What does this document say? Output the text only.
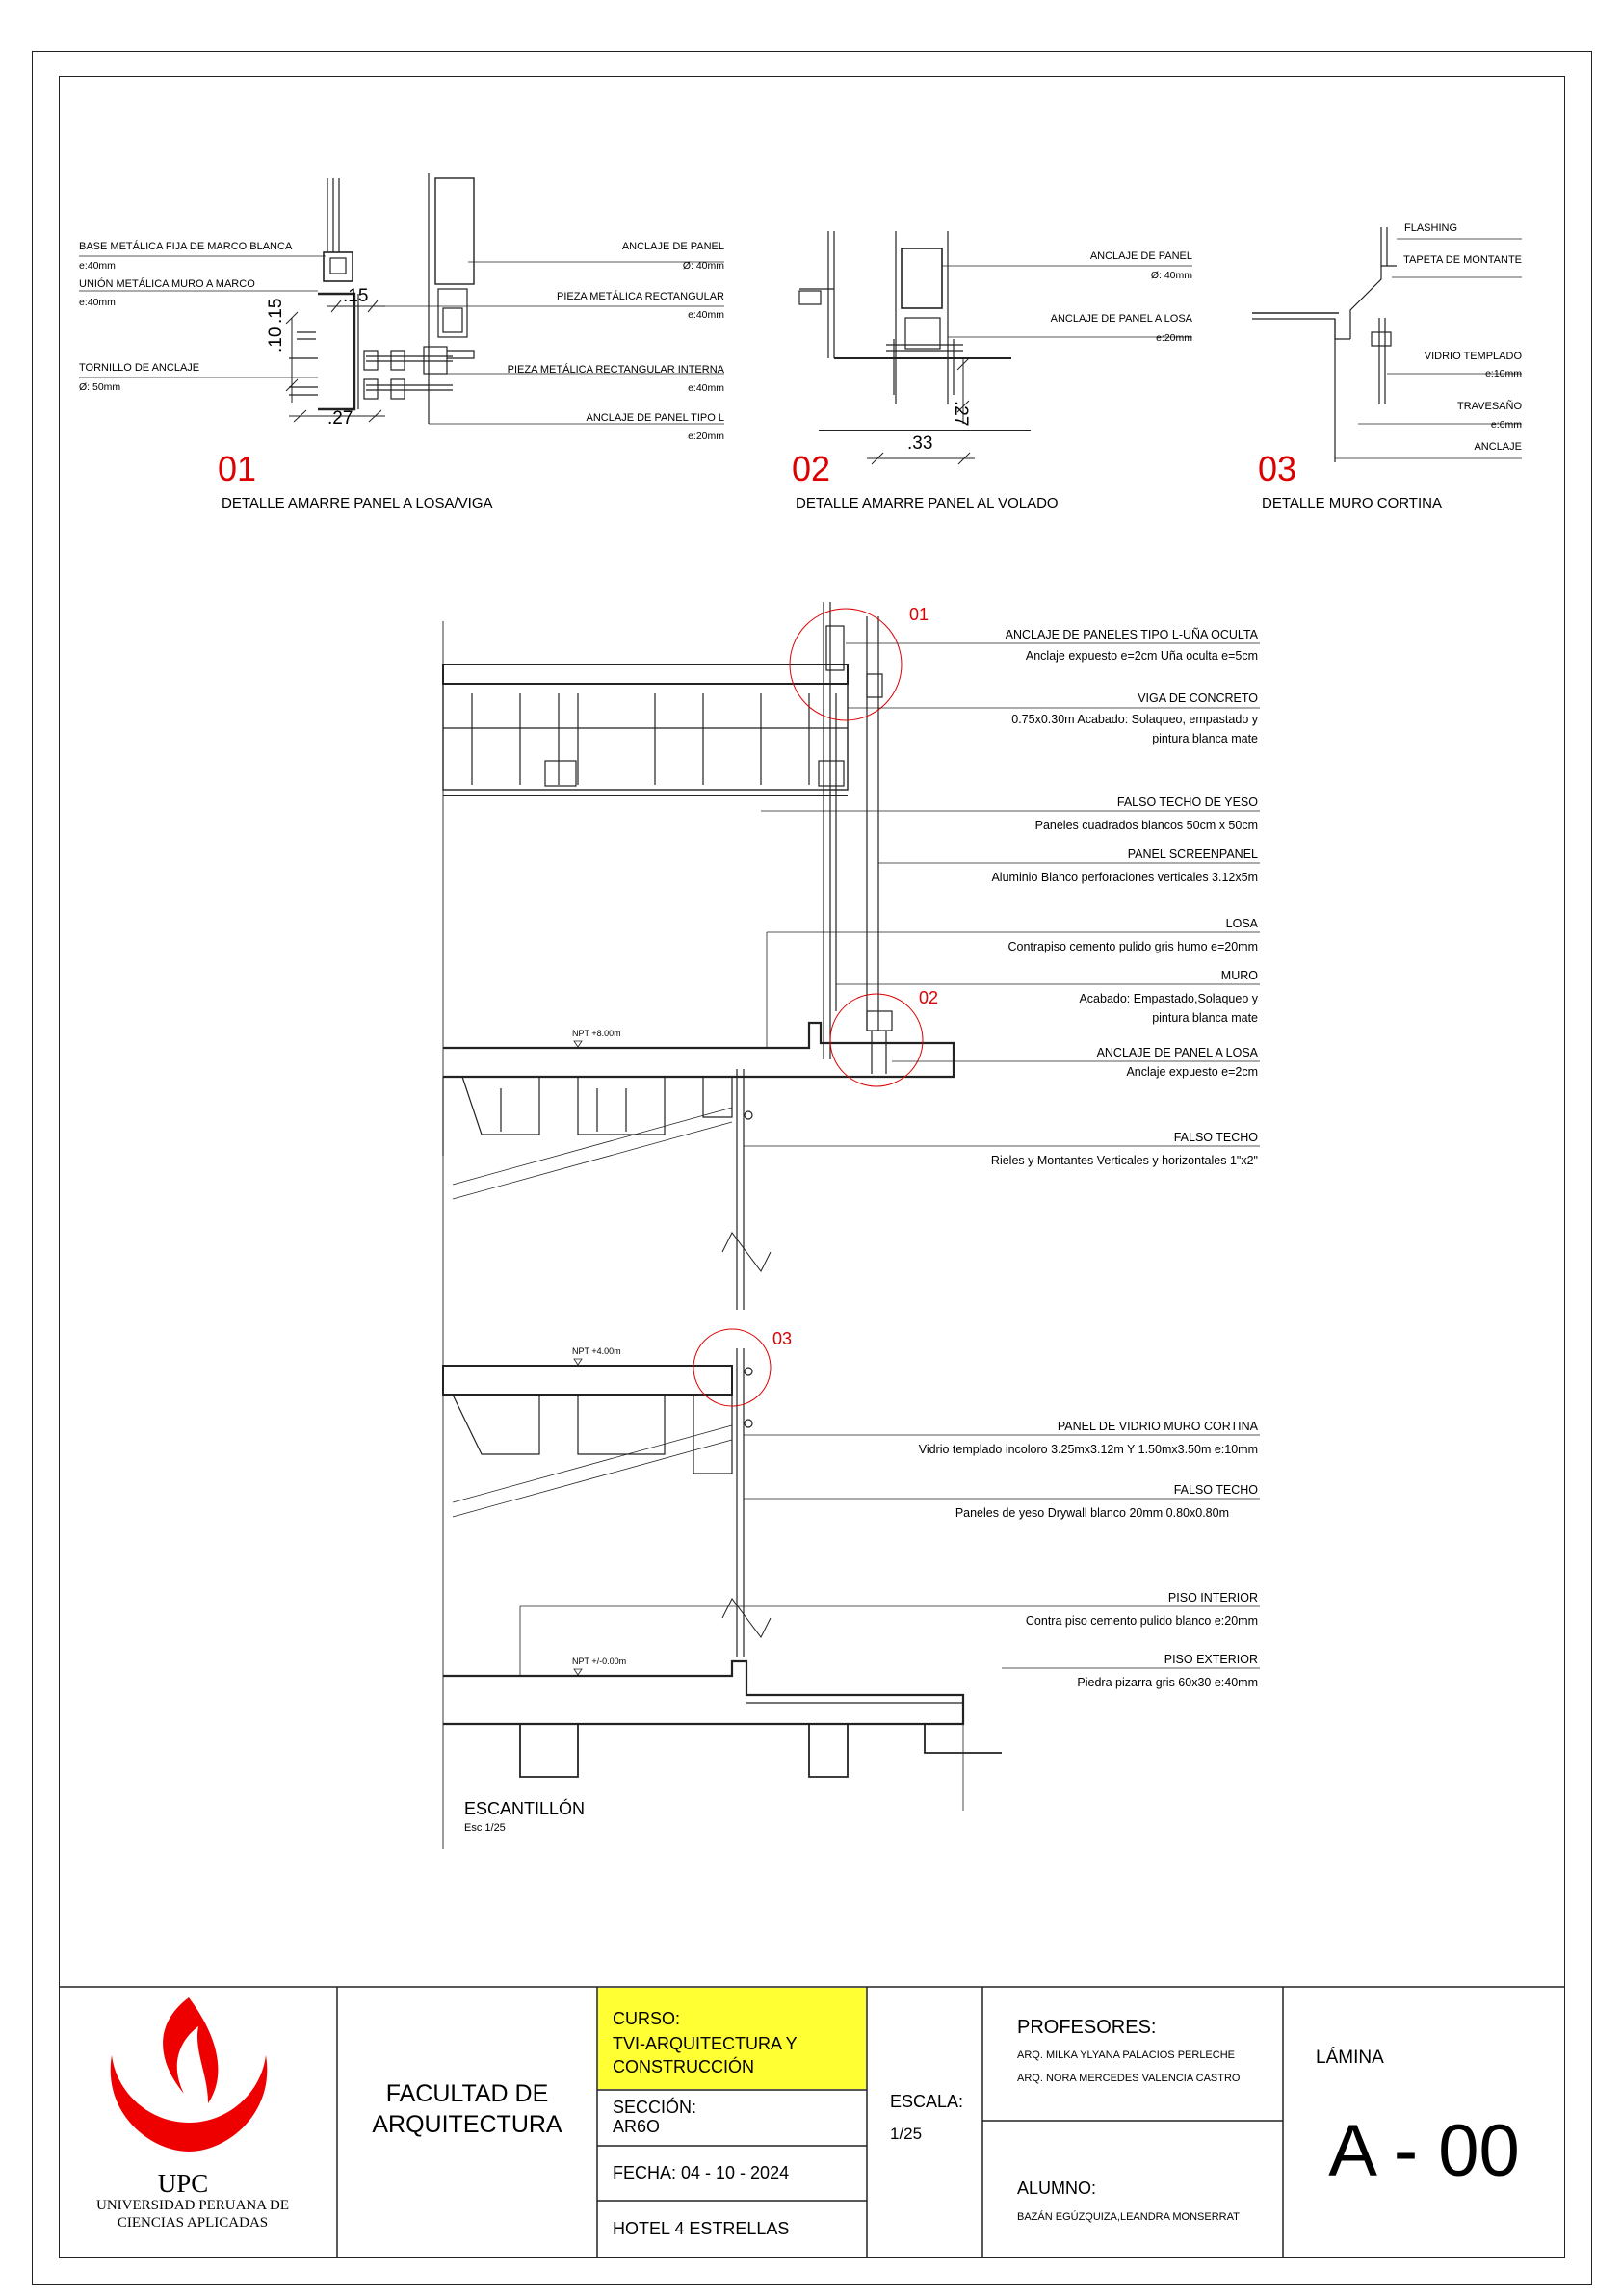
BASE METÁLICA FIJA DE MARCO BLANCA
e:40mm
UNIÓN METÁLICA MURO A MARCO
e:40mm
TORNILLO DE ANCLAJE
Ø: 50mm
ANCLAJE DE PANEL
Ø: 40mm
PIEZA METÁLICA RECTANGULAR
e:40mm
PIEZA METÁLICA RECTANGULAR INTERNA
e:40mm
ANCLAJE DE PANEL TIPO L
e:20mm
.15
.10
.15
.27
01
DETALLE AMARRE PANEL A LOSA/VIGA
ANCLAJE DE PANEL
Ø: 40mm
ANCLAJE DE PANEL A LOSA
e:20mm
.27
.33
02
DETALLE AMARRE PANEL AL VOLADO
FLASHING
TAPETA DE MONTANTE
VIDRIO TEMPLADO
e:10mm
TRAVESAÑO
e:6mm
ANCLAJE
03
DETALLE MURO CORTINA
01
02
03
NPT +8.00m
NPT +4.00m
NPT +/-0.00m
ANCLAJE DE PANELES TIPO L-UÑA OCULTA
Anclaje expuesto e=2cm Uña oculta e=5cm
VIGA DE CONCRETO
0.75x0.30m Acabado: Solaqueo, empastado y
pintura blanca mate
FALSO TECHO DE YESO
Paneles cuadrados blancos 50cm x 50cm
PANEL SCREENPANEL
Aluminio Blanco perforaciones verticales 3.12x5m
LOSA
Contrapiso cemento pulido gris humo e=20mm
MURO
Acabado: Empastado,Solaqueo y
pintura blanca mate
ANCLAJE DE PANEL A LOSA
Anclaje expuesto e=2cm
FALSO TECHO
Rieles y Montantes Verticales y horizontales 1"x2"
PANEL DE VIDRIO MURO CORTINA
Vidrio templado incoloro 3.25mx3.12m Y 1.50mx3.50m e:10mm
FALSO TECHO
Paneles de yeso Drywall blanco 20mm 0.80x0.80m
PISO INTERIOR
Contra piso cemento pulido blanco e:20mm
PISO EXTERIOR
Piedra pizarra gris 60x30 e:40mm
ESCANTILLÓN
Esc 1/25
UPC
UNIVERSIDAD PERUANA DE
CIENCIAS APLICADAS
FACULTAD DE
ARQUITECTURA
CURSO:
TVI-ARQUITECTURA Y
CONSTRUCCIÓN
SECCIÓN:
AR6O
FECHA: 04 - 10 - 2024
HOTEL 4 ESTRELLAS
ESCALA:
1/25
PROFESORES:
ARQ. MILKA YLYANA PALACIOS PERLECHE
ARQ. NORA MERCEDES VALENCIA CASTRO
ALUMNO:
BAZÁN EGÚZQUIZA,LEANDRA MONSERRAT
LÁMINA
A - 00
